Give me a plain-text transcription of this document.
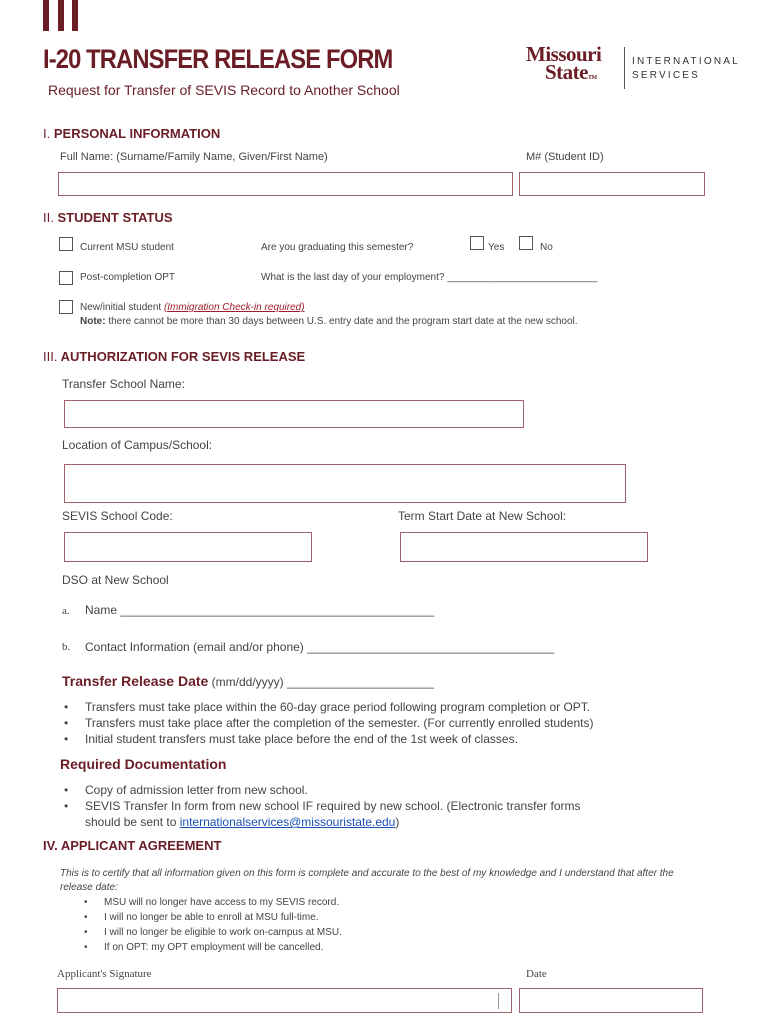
I-20 TRANSFER RELEASE FORM
Request for Transfer of SEVIS Record to Another School
Missouri
StateTM
INTERNATIONAL
SERVICES
I. PERSONAL INFORMATION
Full Name: (Surname/Family Name, Given/First Name)	M# (Student ID)
II. STUDENT STATUS
Current MSU student	Are you graduating this semester?	Yes	No
Post-completion OPT	What is the last day of your employment? ___________________________
New/initial student (Immigration Check-in required)
Note: there cannot be more than 30 days between U.S. entry date and the program start date at the new school.
III. AUTHORIZATION FOR SEVIS RELEASE
Transfer School Name:
Location of Campus/School:
SEVIS School Code:	Term Start Date at New School:
DSO at New School
a. Name _______________________________________________
b. Contact Information (email and/or phone) _____________________________________
Transfer Release Date (mm/dd/yyyy) ______________________
• Transfers must take place within the 60-day grace period following program completion or OPT.
• Transfers must take place after the completion of the semester. (For currently enrolled students)
• Initial student transfers must take place before the end of the 1st week of classes.
Required Documentation
• Copy of admission letter from new school.
• SEVIS Transfer In form from new school IF required by new school. (Electronic transfer forms
should be sent to internationalservices@missouristate.edu)
IV. APPLICANT AGREEMENT
This is to certify that all information given on this form is complete and accurate to the best of my knowledge and I understand that after the
release date:
• MSU will no longer have access to my SEVIS record.
• I will no longer be able to enroll at MSU full-time.
• I will no longer be eligible to work on-campus at MSU.
• If on OPT: my OPT employment will be cancelled.
Applicant's Signature	Date
